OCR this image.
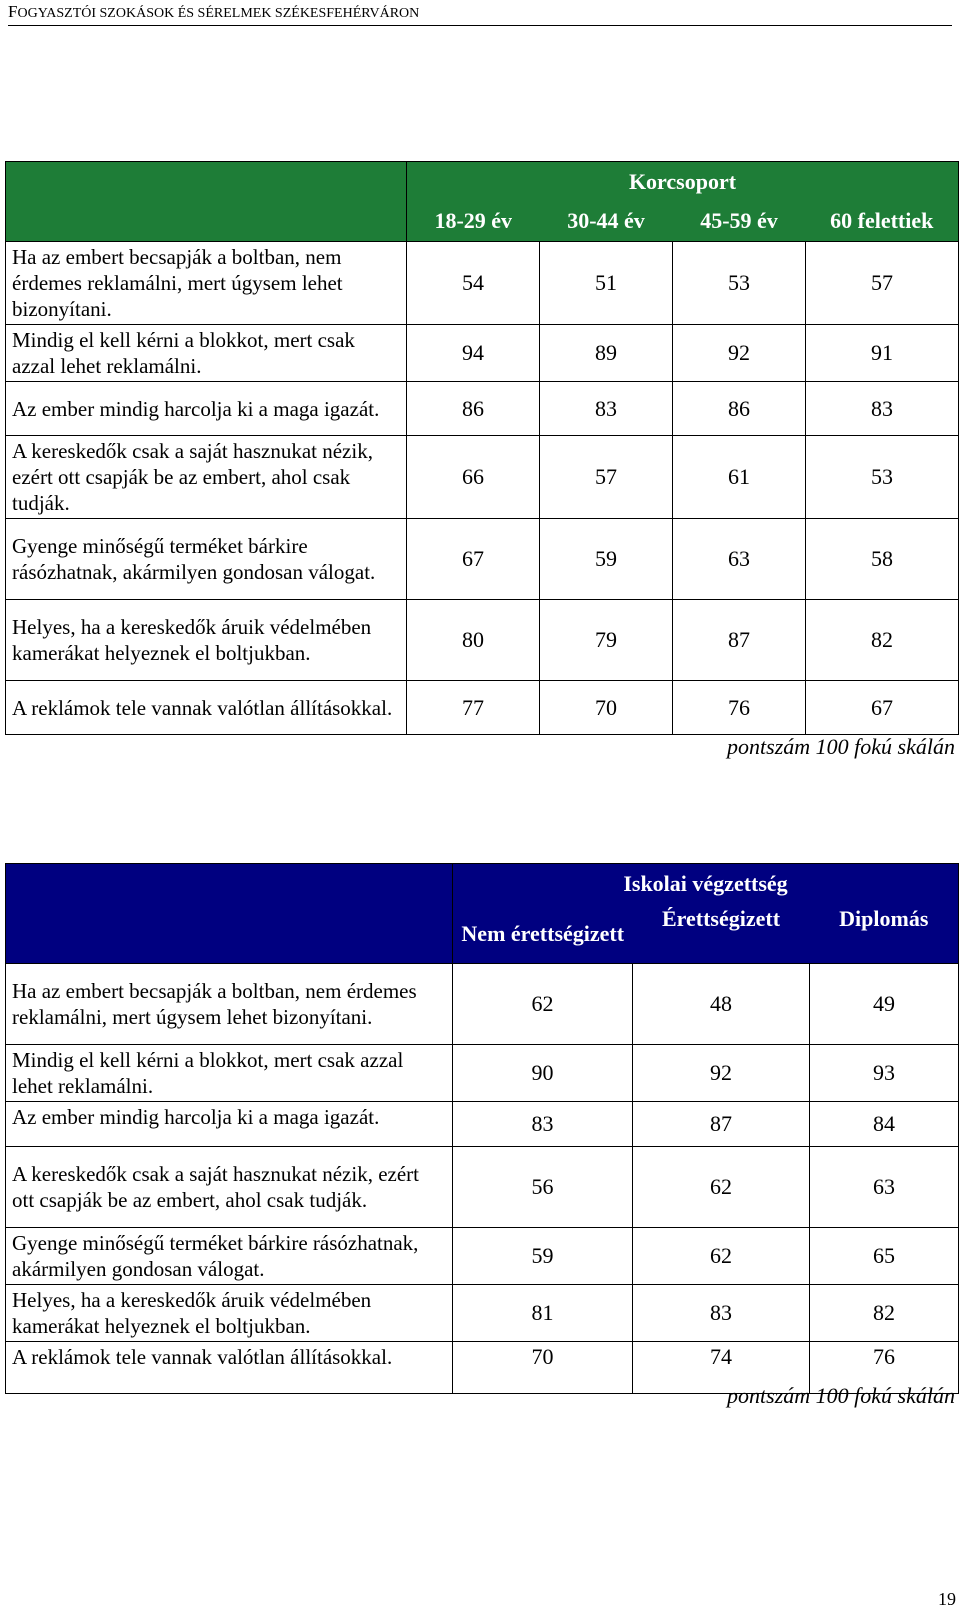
FOGYASZTÓI SZOKÁSOK ÉS SÉRELMEK SZÉKESFEHÉRVÁRON
	Korcsoport			
	18-29 év	30-44 év	45-59 év	60 felettiek
Ha az embert becsapják a boltban, nem érdemes reklamálni, mert úgysem lehet bizonyítani.	54	51	53	57
Mindig el kell kérni a blokkot, mert csak azzal lehet reklamálni.	94	89	92	91
Az ember mindig harcolja ki a maga igazát.	86	83	86	83
A kereskedők csak a saját hasznukat nézik, ezért ott csapják be az embert, ahol csak tudják.	66	57	61	53
Gyenge minőségű terméket bárkire rásózhatnak, akármilyen gondosan válogat.	67	59	63	58
Helyes, ha a kereskedők áruik védelmében kamerákat helyeznek el boltjukban.	80	79	87	82
A reklámok tele vannak valótlan állításokkal.	77	70	76	67
pontszám 100 fokú skálán
	Iskolai végzettség		
	Nem érettségizett	Érettségizett	Diplomás
Ha az embert becsapják a boltban, nem érdemes reklamálni, mert úgysem lehet bizonyítani.	62	48	49
Mindig el kell kérni a blokkot, mert csak azzal lehet reklamálni.	90	92	93
Az ember mindig harcolja ki a maga igazát.	83	87	84
A kereskedők csak a saját hasznukat nézik, ezért ott csapják be az embert, ahol csak tudják.	56	62	63
Gyenge minőségű terméket bárkire rásózhatnak, akármilyen gondosan válogat.	59	62	65
Helyes, ha a kereskedők áruik védelmében kamerákat helyeznek el boltjukban.	81	83	82
A reklámok tele vannak valótlan állításokkal.	70	74	76
pontszám 100 fokú skálán
19
